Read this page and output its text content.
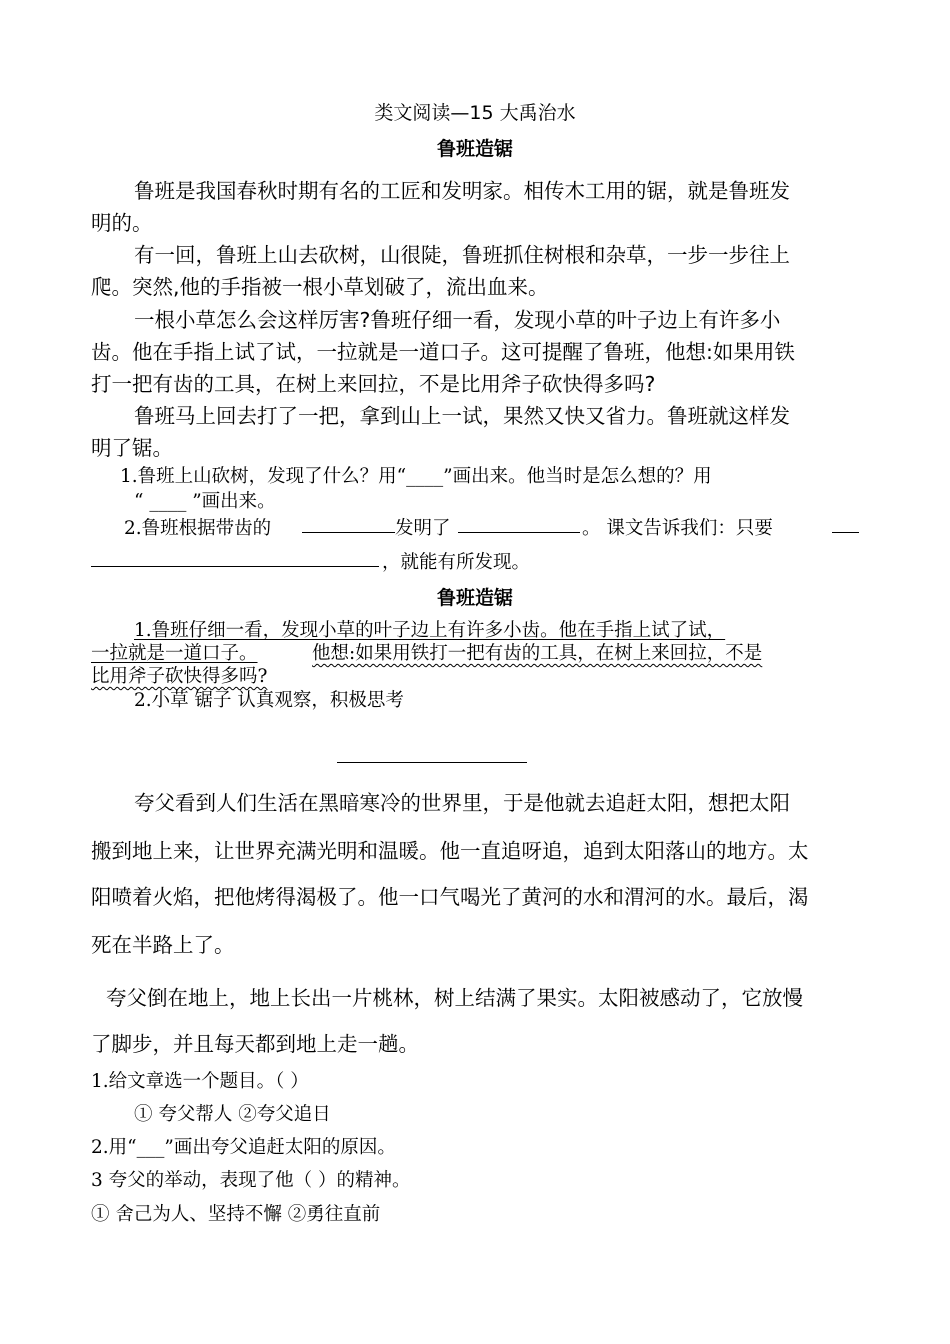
类文阅读—15 大禹治水
鲁班造锯
鲁班是我国春秋时期有名的工匠和发明家。相传木工用的锯，就是鲁班发
明的。
有一回，鲁班上山去砍树，山很陡，鲁班抓住树根和杂草，一步一步往上
爬。突然,他的手指被一根小草划破了，流出血来。
一根小草怎么会这样厉害?鲁班仔细一看，发现小草的叶子边上有许多小
齿。他在手指上试了试，一拉就是一道口子。这可提醒了鲁班，他想:如果用铁
打一把有齿的工具，在树上来回拉，不是比用斧子砍快得多吗?
鲁班马上回去打了一把，拿到山上一试，果然又快又省力。鲁班就这样发
明了锯。
1.鲁班上山砍树，发现了什么？用“____”画出来。他当时是怎么想的？用
“ ____ ”画出来。
2.鲁班根据带齿的	发明了	。 课文告诉我们：只要
，就能有所发现。
鲁班造锯
1.鲁班仔细一看，发现小草的叶子边上有许多小齿。他在手指上试了试，
一拉就是一道口子。	他想:如果用铁打一把有齿的工具，在树上来回拉，不是
比用斧子砍快得多吗?
2.小草 锯子 认真观察，积极思考
夸父看到人们生活在黑暗寒冷的世界里，于是他就去追赶太阳，想把太阳
搬到地上来，让世界充满光明和温暖。他一直追呀追，追到太阳落山的地方。太
阳喷着火焰，把他烤得渴极了。他一口气喝光了黄河的水和渭河的水。最后，渴
死在半路上了。
夸父倒在地上，地上长出一片桃林，树上结满了果实。太阳被感动了，它放慢
了脚步，并且每天都到地上走一趟。
1.给文章选一个题目。（ ）
① 夸父帮人 ②夸父追日
2.用“___”画出夸父追赶太阳的原因。
3 夸父的举动，表现了他（ ）的精神。
① 舍己为人、坚持不懈 ②勇往直前
